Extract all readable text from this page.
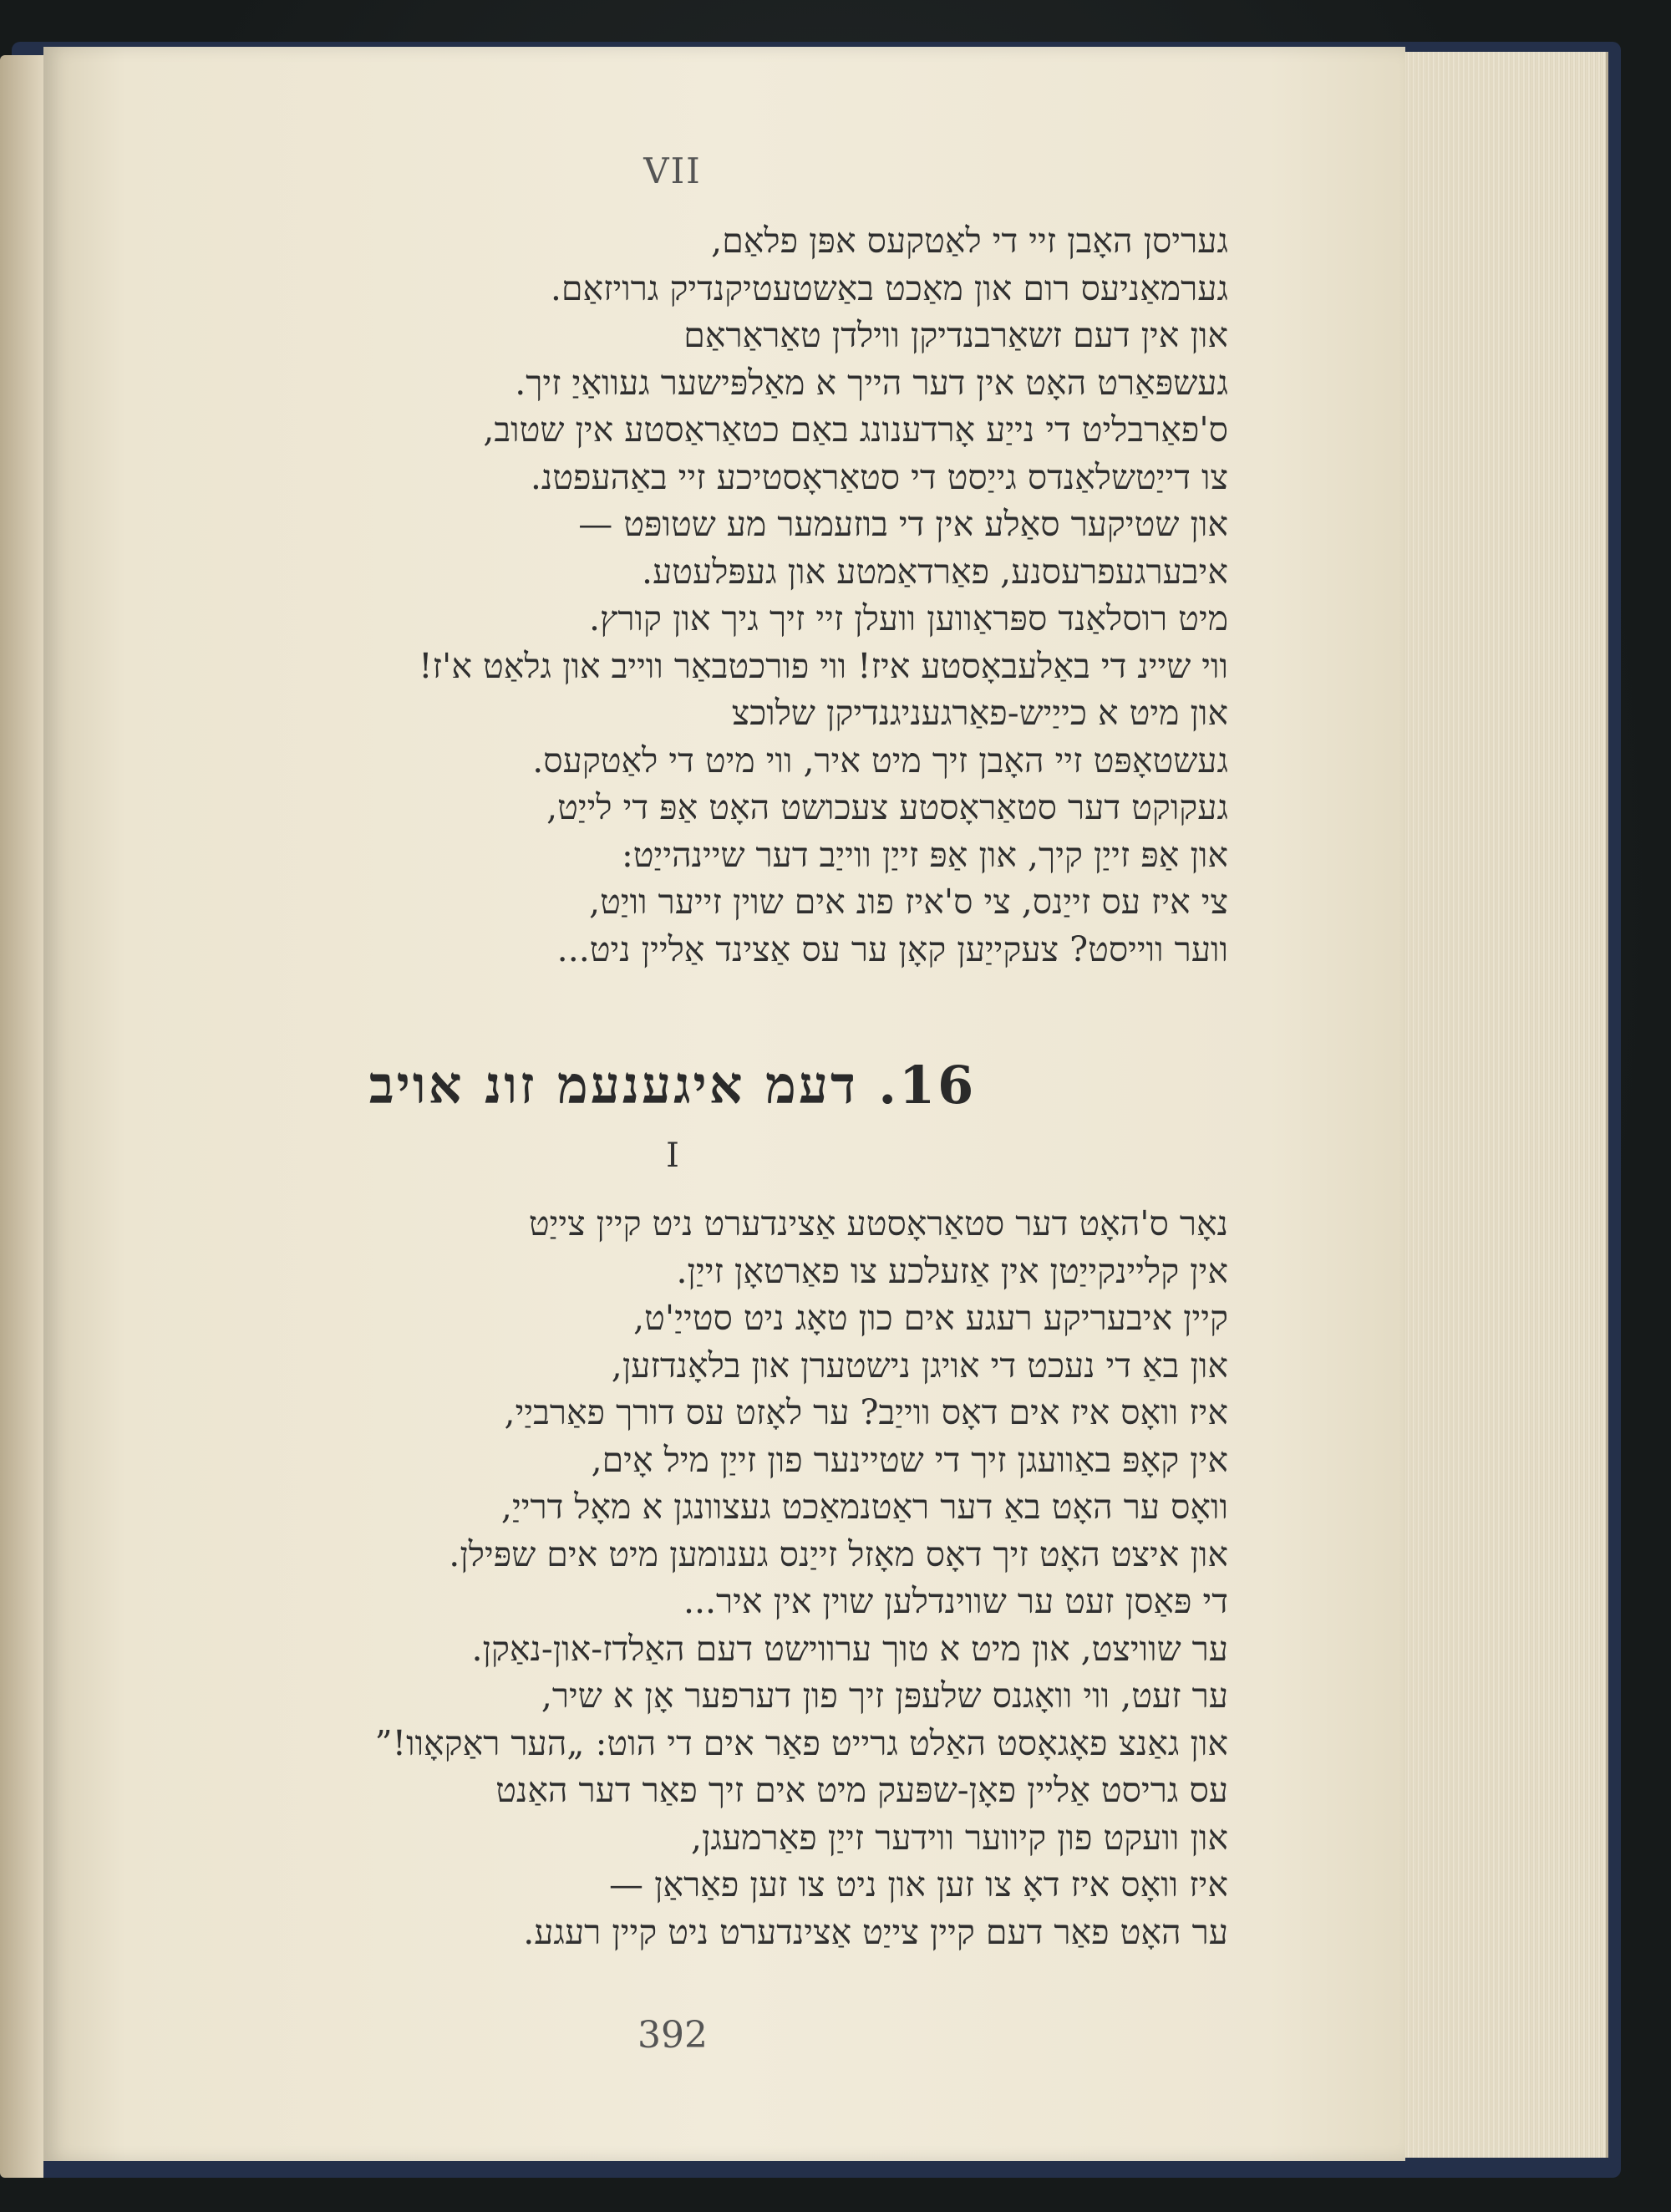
VII
געריסן האָבן זיי די לאַטקעס אפּן פלאַם,
גערמאַניעס רום און מאַכט באַשטעטיקנדיק גרויזאַם.
און אין דעם זשאַרבנדיקן ווילדן טאַראַראַם
געשפּאַרט האָט אין דער הייך א מאַלפּישער געוואַיַ זיך.
ס'פאַרבליט די נייַע אָרדענונג באַם כטאַראַסטע אין שטוב,
צו דייַטשלאַנדס גייַסט די סטאַראָסטיכע זיי באַהעפטנ.
און שטיקער סאַלע אין די בוזעמער מע שטופּט —
איבערגעפרעסנע, פאַרדאַמטע און געפּלעטע.
מיט רוסלאַנד ספּראַווען וועלן זיי זיך גיך און קורץ.
ווי שיינ די באַלעבאָסטע איז! ווי פורכטבאַר ווייב און גלאַט א'ז!
און מיט א כייַיש-פאַרגעניגנדיקן שלוכצ
געשטאָפּט זיי האָבן זיך מיט איר, ווי מיט די לאַטקעס.
געקוקט דער סטאַראָסטע צעכושט האָט אַפּ די לייַט,
און אַפּ זייַן קיך, און אַפּ זייַן ווייַב דער שיינהייַט:
צי איז עס זייַנס, צי ס'איז פונ אים שוין זייער וויַט,
ווער ווייסט? צעקייַען קאָן ער עס אַצינד אַליין ניט...
16. דעמ איגענעמ זונ אויב
I
נאָר ס'האָט דער סטאַראָסטע אַצינדערט ניט קיין צייַט
אין קליינקייַטן אין אַזעלכע צו פאַרטאָן זייַן.
קיין איבעריקע רעגע אים כון טאָג ניט סטייַ'ט,
און באַ די נעכט די אויגן נישטערן און בלאָנדזען,
איז וואָס איז אים דאָס ווייַב? ער לאָזט עס דורך פאַרביַי,
אין קאָפּ באַוועגן זיך די שטיינער פון זייַן מיל אָים,
וואָס ער האָט באַ דער ראַטנמאַכט געצוונגן א מאָל דרייַ,
און איצט האָט זיך דאָס מאָזל זייַנס גענומען מיט אים שפּילן.
די פּאַסן זעט ער שווינדלען שוין אין איר...
ער שוויצט, און מיט א טוך ערווישט דעם האַלדז-און-נאַקן.
ער זעט, ווי וואָגנס שלעפּן זיך פון דערפער אָן א שיר,
און גאַנצ פאָגאָסט האַלט גרייט פאַר אים די הוט: „הער ראַקאָוו!”
עס גריסט אַליין פאָן-שפּעק מיט אים זיך פאַר דער האַנט
און וועקט פון קיווער ווידער זייַן פאַרמעגן,
איז וואָס איז דאָ צו זען און ניט צו זען פאַראַן —
ער האָט פאַר דעם קיין צייַט אַצינדערט ניט קיין רעגע.
392
